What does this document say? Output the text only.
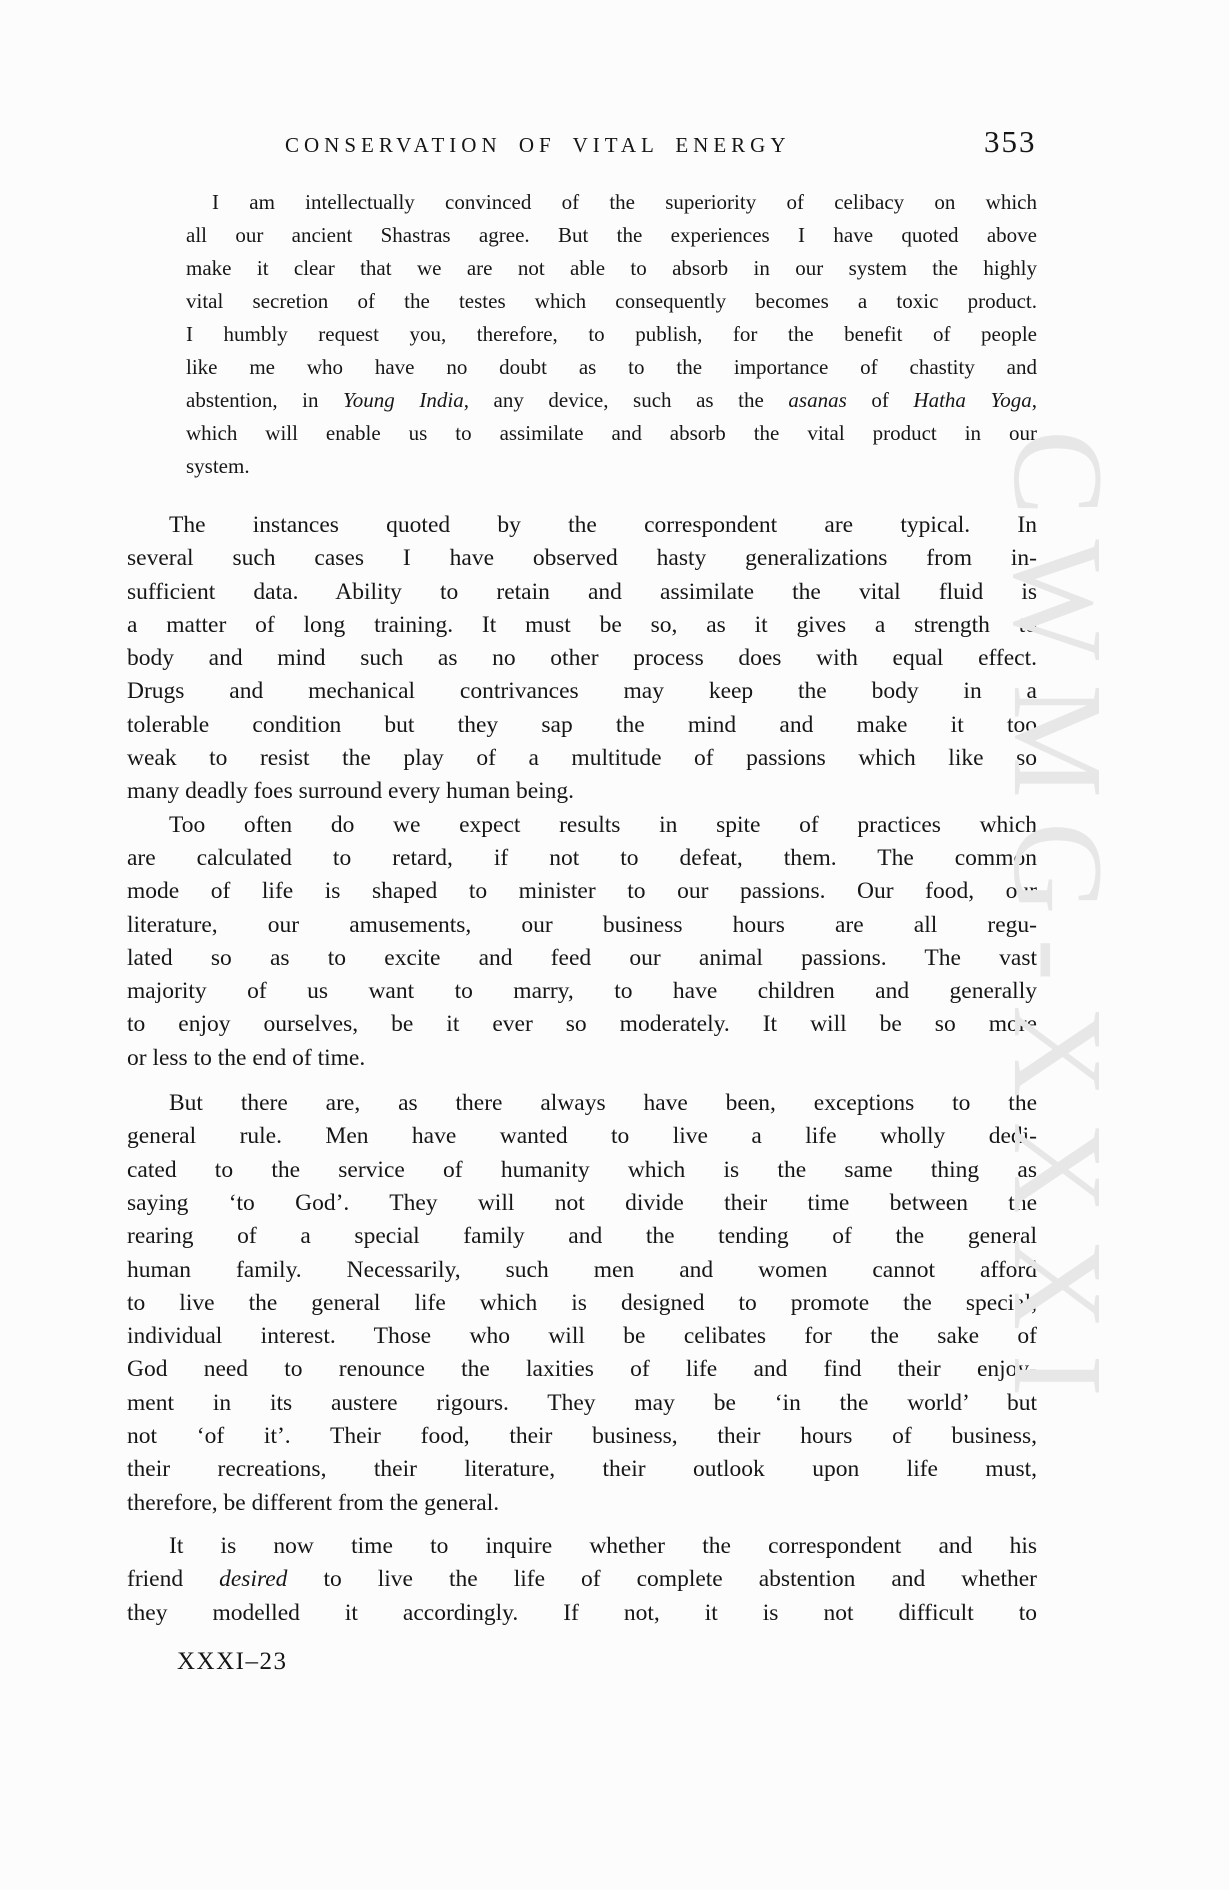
CONSERVATION OF VITAL ENERGY	353
I am intellectually convinced of the superiority of celibacy on which
all our ancient Shastras agree. But the experiences I have quoted above
make it clear that we are not able to absorb in our system the highly
vital secretion of the testes which consequently becomes a toxic product.
I humbly request you, therefore, to publish, for the benefit of people
like me who have no doubt as to the importance of chastity and
abstention, in Young India, any device, such as the asanas of Hatha Yoga,
which will enable us to assimilate and absorb the vital product in our
system.
The instances quoted by the correspondent are typical. In
several such cases I have observed hasty generalizations from in-
sufficient data. Ability to retain and assimilate the vital fluid is
a matter of long training. It must be so, as it gives a strength to
body and mind such as no other process does with equal effect.
Drugs and mechanical contrivances may keep the body in a
tolerable condition but they sap the mind and make it too
weak to resist the play of a multitude of passions which like so
many deadly foes surround every human being.
Too often do we expect results in spite of practices which
are calculated to retard, if not to defeat, them. The common
mode of life is shaped to minister to our passions. Our food, our
literature, our amusements, our business hours are all regu-
lated so as to excite and feed our animal passions. The vast
majority of us want to marry, to have children and generally
to enjoy ourselves, be it ever so moderately. It will be so more
or less to the end of time.
But there are, as there always have been, exceptions to the
general rule. Men have wanted to live a life wholly dedi-
cated to the service of humanity which is the same thing as
saying ‘to God’. They will not divide their time between the
rearing of a special family and the tending of the general
human family. Necessarily, such men and women cannot afford
to live the general life which is designed to promote the special,
individual interest. Those who will be celibates for the sake of
God need to renounce the laxities of life and find their enjoy-
ment in its austere rigours. They may be ‘in the world’ but
not ‘of it’. Their food, their business, their hours of business,
their recreations, their literature, their outlook upon life must,
therefore, be different from the general.
It is now time to inquire whether the correspondent and his
friend desired to live the life of complete abstention and whether
they modelled it accordingly. If not, it is not difficult to
XXXI–23
CWMG-XXXI
